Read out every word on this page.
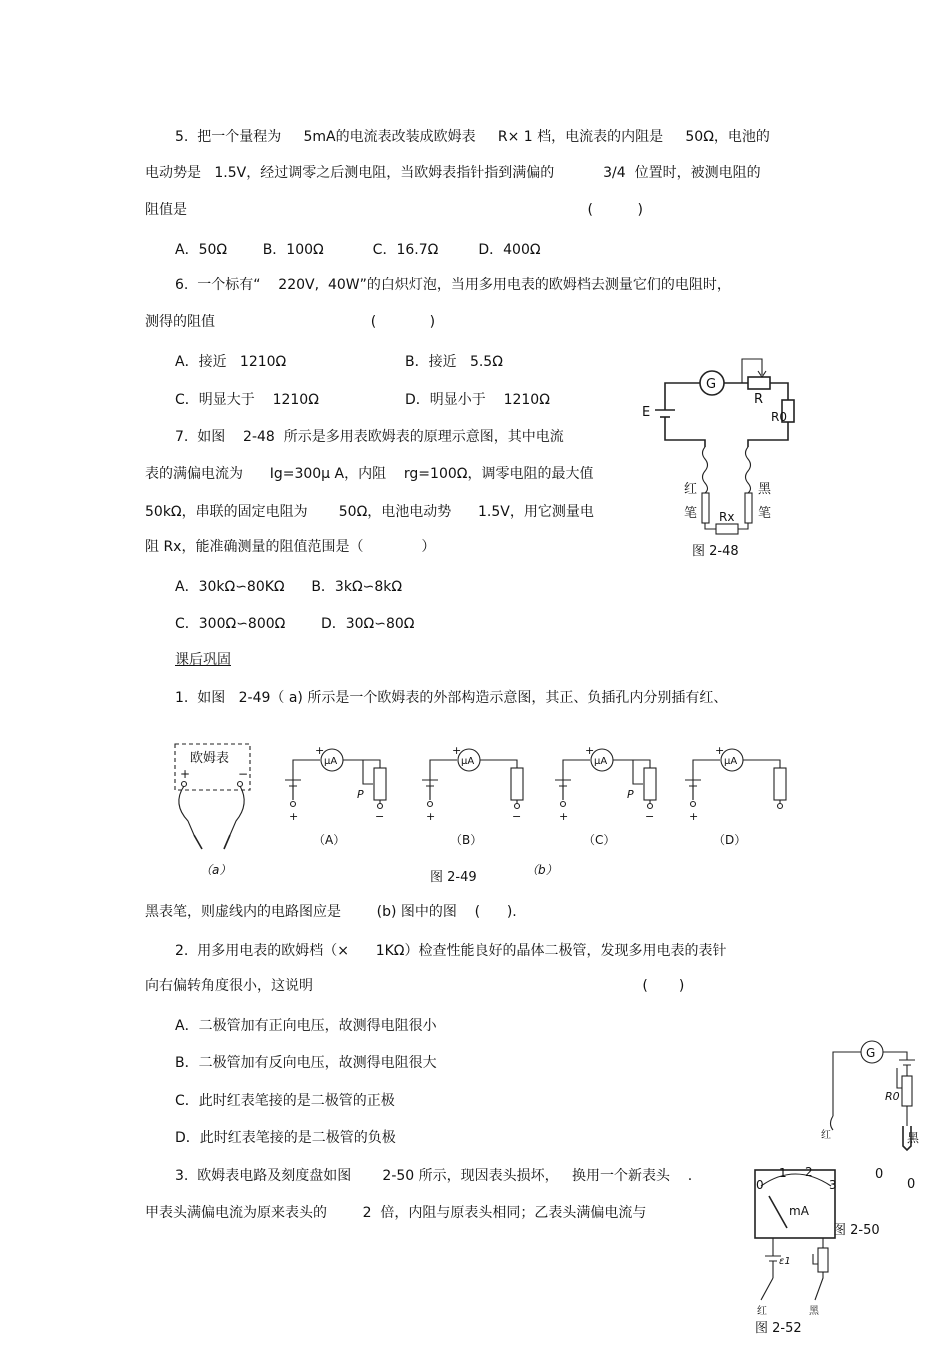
5.  把一个量程为     5mA的电流表改装成欧姆表     R× 1 档，电流表的内阻是     50Ω，电池的
电动势是   1.5V，经过调零之后测电阻，当欧姆表指针指到满偏的           3/4  位置时，被测电阻的
阻值是                                                                                          (          )
A．50Ω        B．100Ω           C．16.7Ω         D．400Ω
6.  一个标有“    220V,  40W”的白炽灯泡，当用多用电表的欧姆档去测量它们的电阻时，
测得的阻值                                   (            )
A．接近   1210Ω	B．接近   5.5Ω
C．明显大于    1210Ω	D．明显小于    1210Ω
7.  如图    2-48  所示是多用表欧姆表的原理示意图，其中电流
表的满偏电流为      Ig=300μ A，内阻    rg=100Ω，调零电阻的最大值
50kΩ，串联的固定电阻为       50Ω，电池电动势      1.5V，用它测量电
阻 Rx，能准确测量的阻值范围是（             ）
A．30kΩ∽80KΩ      B．3kΩ∽8kΩ
C．300Ω∽800Ω        D．30Ω∽80Ω
G
R
R0
E
红
笔
黑
笔
Rx
图 2-48
课后巩固
1.  如图   2-49（ a) 所示是一个欧姆表的外部构造示意图，其正、负插孔内分别插有红、
欧姆表
+	−
（a）
+
μA
P
+	−
（A）
+
μA
+	−
（B）
+
μA
P
+	−
（C）
+
μA
+
（D）
图 2-49	（b）
黑表笔，则虚线内的电路图应是        (b) 图中的图    (      ).
2.  用多用电表的欧姆档（×      1KΩ）检查性能良好的晶体二极管，发现多用电表的表针
向右偏转角度很小，这说明                                                                          (       )
A．二极管加有正向电压，故测得电阻很小
B．二极管加有反向电压，故测得电阻很大
C．此时红表笔接的是二极管的正极
D．此时红表笔接的是二极管的负极
3.  欧姆表电路及刻度盘如图       2-50 所示，现因表头损坏，   换用一个新表头    .
甲表头满偏电流为原来表头的        2  倍，内阻与原表头相同；乙表头满偏电流与
G
R0
红	黑
0
0
图 2-50
0
1 2
3
mA
ε1
红	黑
图 2-52
